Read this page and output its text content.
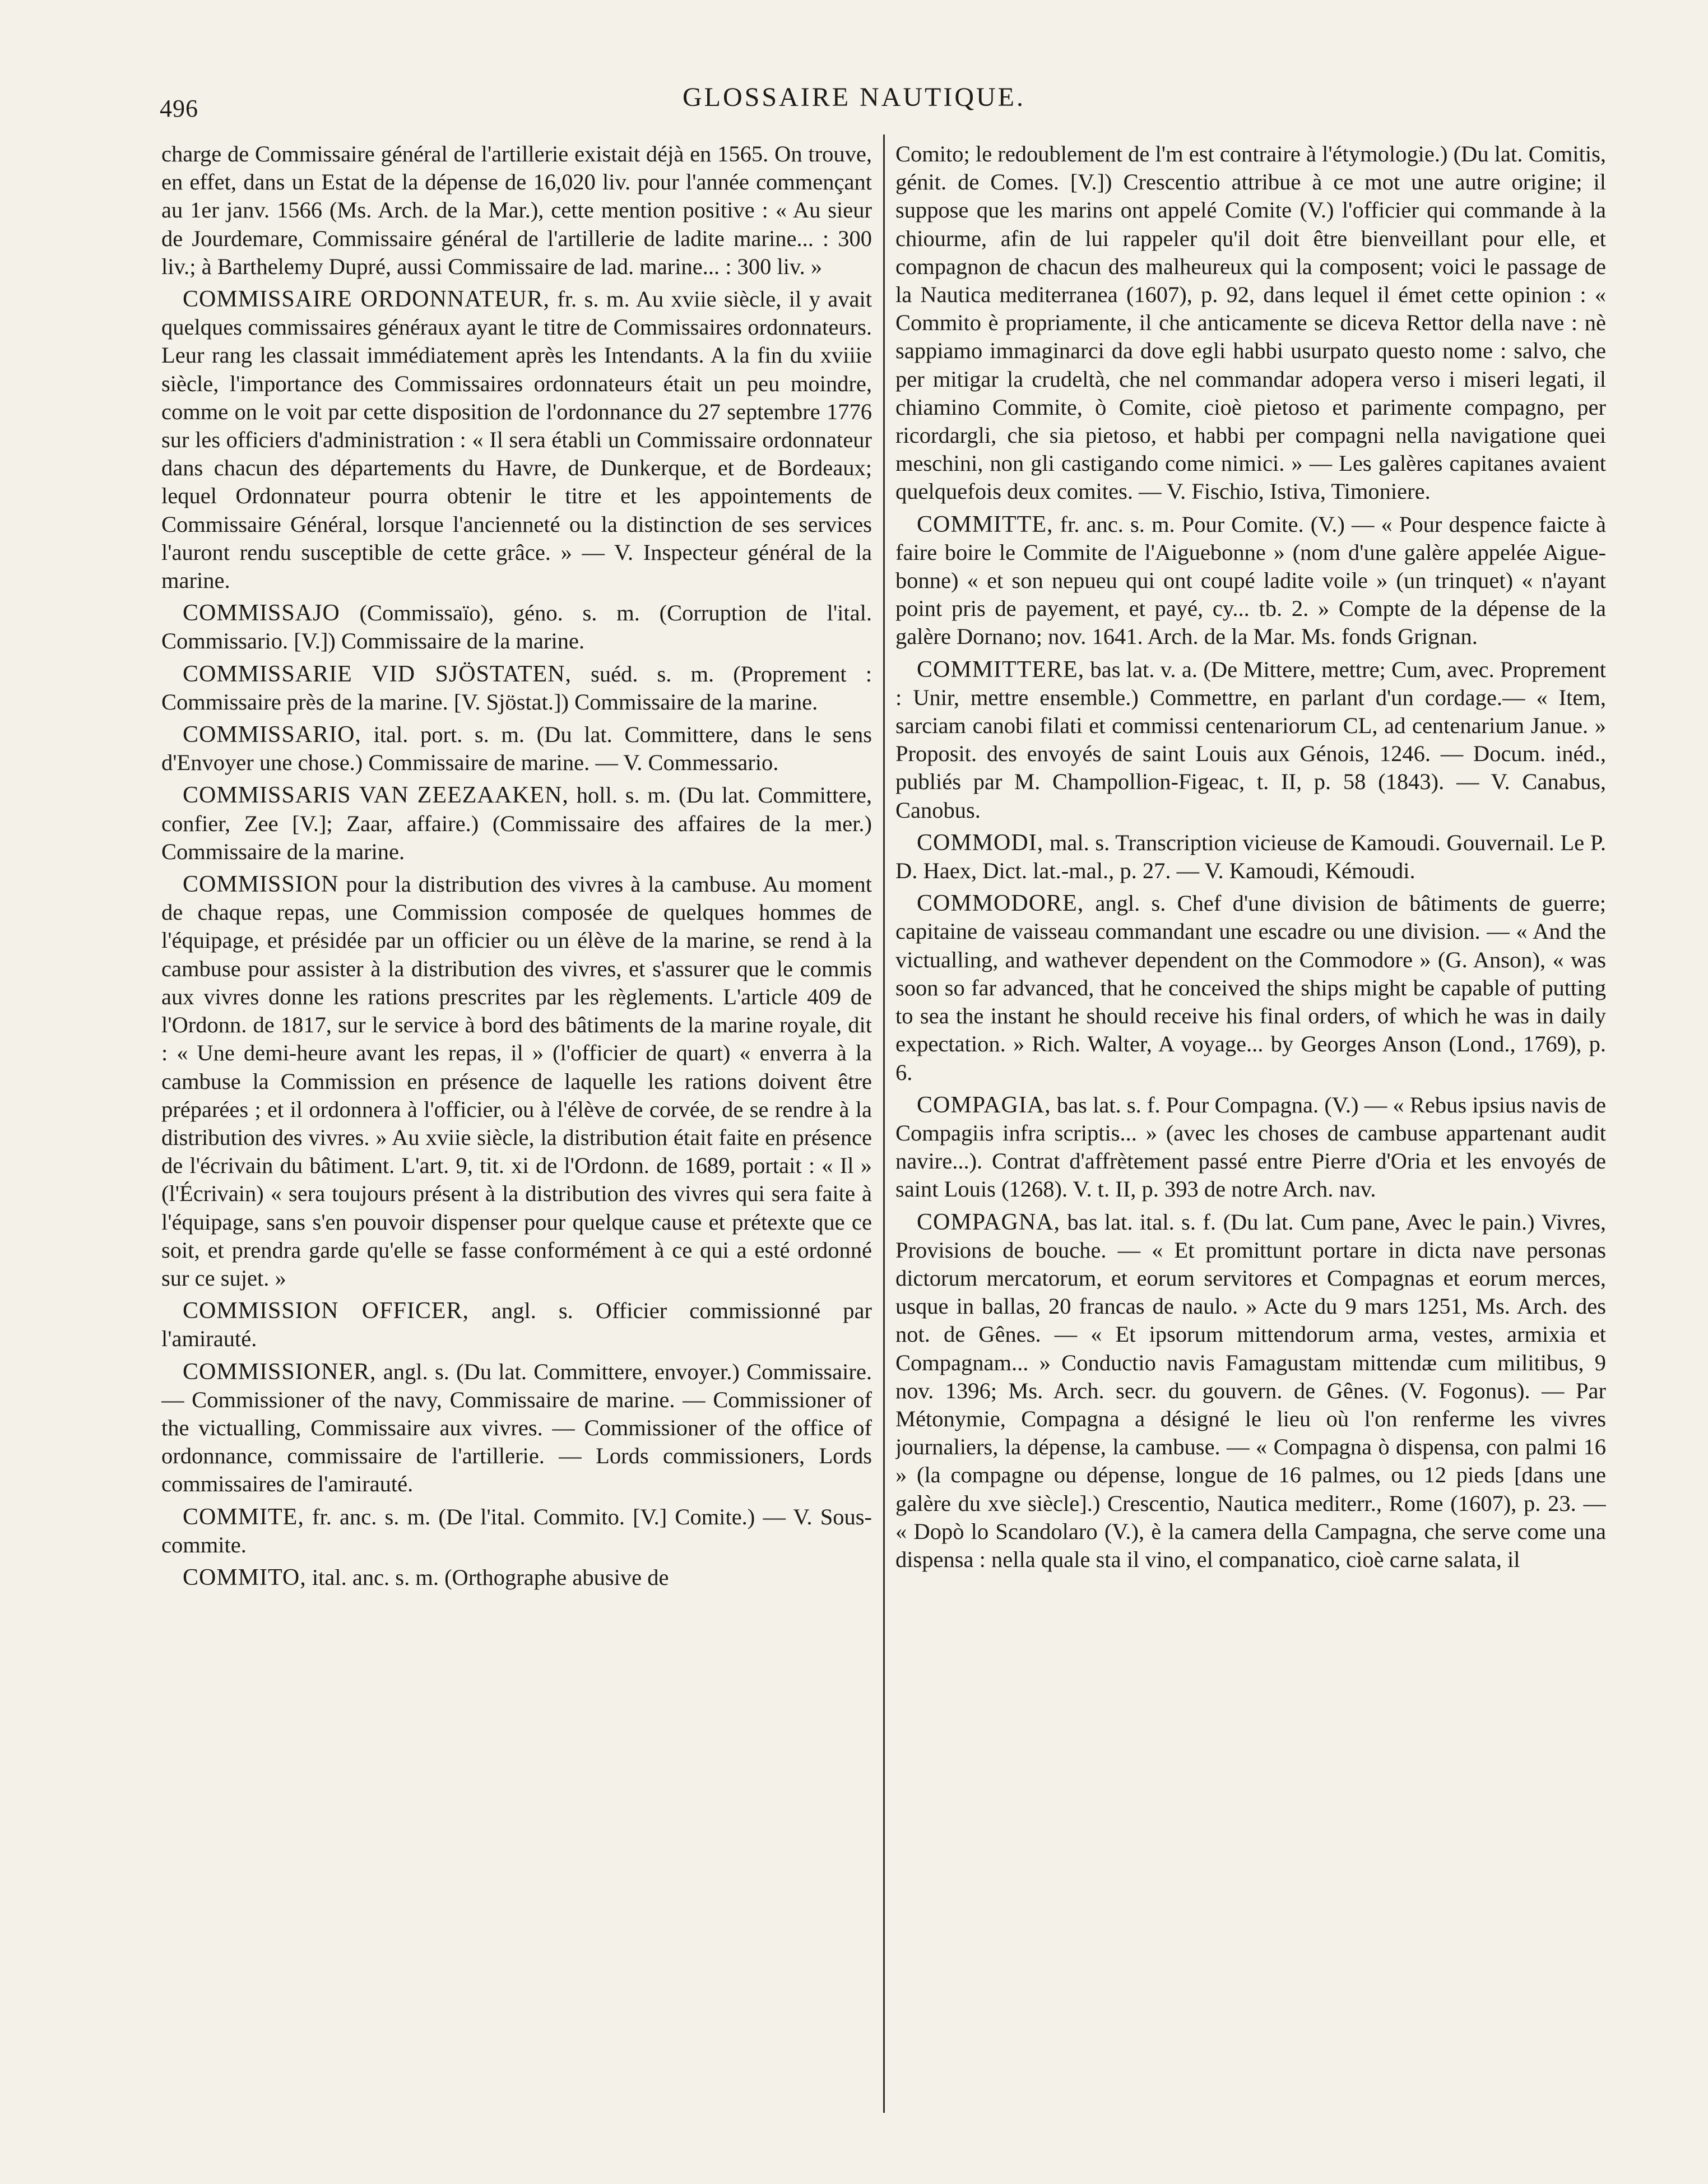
496	GLOSSAIRE NAUTIQUE.

charge de Commissaire général de l'artillerie existait déjà en 1565. On trouve, en effet, dans un Estat de la dépense de 16,020 liv. pour l'année commençant au 1er janv. 1566 (Ms. Arch. de la Mar.), cette mention positive : « Au sieur de Jourdemare, Commissaire général de l'artillerie de ladite marine... : 300 liv.; à Barthelemy Dupré, aussi Commissaire de lad. marine... : 300 liv. »

COMMISSAIRE ORDONNATEUR, fr. s. m. Au xviie siècle, il y avait quelques commissaires généraux ayant le titre de Commissaires ordonnateurs. Leur rang les classait immédiatement après les Intendants. A la fin du xviiie siècle, l'importance des Commissaires ordonnateurs était un peu moindre, comme on le voit par cette disposition de l'ordonnance du 27 septembre 1776 sur les officiers d'administration : « Il sera établi un Commissaire ordonnateur dans chacun des départements du Havre, de Dunkerque, et de Bordeaux; lequel Ordonnateur pourra obtenir le titre et les appointements de Commissaire Général, lorsque l'ancienneté ou la distinction de ses services l'auront rendu susceptible de cette grâce. » — V. Inspecteur général de la marine.

COMMISSAJO (Commissaïo), géno. s. m. (Corruption de l'ital. Commissario. [V.]) Commissaire de la marine.

COMMISSARIE VID SJÖSTATEN, suéd. s. m. (Proprement : Commissaire près de la marine. [V. Sjöstat.]) Commissaire de la marine.

COMMISSARIO, ital. port. s. m. (Du lat. Committere, dans le sens d'Envoyer une chose.) Commissaire de marine. — V. Commessario.

COMMISSARIS VAN ZEEZAAKEN, holl. s. m. (Du lat. Committere, confier, Zee [V.]; Zaar, affaire.) (Commissaire des affaires de la mer.) Commissaire de la marine.

COMMISSION pour la distribution des vivres à la cambuse. Au moment de chaque repas, une Commission composée de quelques hommes de l'équipage, et présidée par un officier ou un élève de la marine, se rend à la cambuse pour assister à la distribution des vivres, et s'assurer que le commis aux vivres donne les rations prescrites par les règlements. L'article 409 de l'Ordonn. de 1817, sur le service à bord des bâtiments de la marine royale, dit : « Une demi-heure avant les repas, il » (l'officier de quart) « enverra à la cambuse la Commission en présence de laquelle les rations doivent être préparées ; et il ordonnera à l'officier, ou à l'élève de corvée, de se rendre à la distribution des vivres. » Au xviie siècle, la distribution était faite en présence de l'écrivain du bâtiment. L'art. 9, tit. xi de l'Ordonn. de 1689, portait : « Il » (l'Écrivain) « sera toujours présent à la distribution des vivres qui sera faite à l'équipage, sans s'en pouvoir dispenser pour quelque cause et prétexte que ce soit, et prendra garde qu'elle se fasse conformément à ce qui a esté ordonné sur ce sujet. »

COMMISSION OFFICER, angl. s. Officier commissionné par l'amirauté.

COMMISSIONER, angl. s. (Du lat. Committere, envoyer.) Commissaire. — Commissioner of the navy, Commissaire de marine. — Commissioner of the victualling, Commissaire aux vivres. — Commissioner of the office of ordonnance, commissaire de l'artillerie. — Lords commissioners, Lords commissaires de l'amirauté.

COMMITE, fr. anc. s. m. (De l'ital. Commito. [V.] Comite.) — V. Sous-commite.

COMMITO, ital. anc. s. m. (Orthographe abusive de

Comito; le redoublement de l'm est contraire à l'étymologie.) (Du lat. Comitis, génit. de Comes. [V.]) Crescentio attribue à ce mot une autre origine; il suppose que les marins ont appelé Comite (V.) l'officier qui commande à la chiourme, afin de lui rappeler qu'il doit être bienveillant pour elle, et compagnon de chacun des malheureux qui la composent; voici le passage de la Nautica mediterranea (1607), p. 92, dans lequel il émet cette opinion : « Commito è propriamente, il che anticamente se diceva Rettor della nave : nè sappiamo immaginarci da dove egli habbi usurpato questo nome : salvo, che per mitigar la crudeltà, che nel commandar adopera verso i miseri legati, il chiamino Commite, ò Comite, cioè pietoso et parimente compagno, per ricordargli, che sia pietoso, et habbi per compagni nella navigatione quei meschini, non gli castigando come nimici. » — Les galères capitanes avaient quelquefois deux comites. — V. Fischio, Istiva, Timoniere.

COMMITTE, fr. anc. s. m. Pour Comite. (V.) — « Pour despence faicte à faire boire le Commite de l'Aiguebonne » (nom d'une galère appelée Aigue-bonne) « et son nepueu qui ont coupé ladite voile » (un trinquet) « n'ayant point pris de payement, et payé, cy... tb. 2. » Compte de la dépense de la galère Dornano; nov. 1641. Arch. de la Mar. Ms. fonds Grignan.

COMMITTERE, bas lat. v. a. (De Mittere, mettre; Cum, avec. Proprement : Unir, mettre ensemble.) Commettre, en parlant d'un cordage.— « Item, sarciam canobi filati et commissi centenariorum CL, ad centenarium Janue. » Proposit. des envoyés de saint Louis aux Génois, 1246. — Docum. inéd., publiés par M. Champollion-Figeac, t. II, p. 58 (1843). — V. Canabus, Canobus.

COMMODI, mal. s. Transcription vicieuse de Kamoudi. Gouvernail. Le P. D. Haex, Dict. lat.-mal., p. 27. — V. Kamoudi, Kémoudi.

COMMODORE, angl. s. Chef d'une division de bâtiments de guerre; capitaine de vaisseau commandant une escadre ou une division. — « And the victualling, and wathever dependent on the Commodore » (G. Anson), « was soon so far advanced, that he conceived the ships might be capable of putting to sea the instant he should receive his final orders, of which he was in daily expectation. » Rich. Walter, A voyage... by Georges Anson (Lond., 1769), p. 6.

COMPAGIA, bas lat. s. f. Pour Compagna. (V.) — « Rebus ipsius navis de Compagiis infra scriptis... » (avec les choses de cambuse appartenant audit navire...). Contrat d'affrètement passé entre Pierre d'Oria et les envoyés de saint Louis (1268). V. t. II, p. 393 de notre Arch. nav.

COMPAGNA, bas lat. ital. s. f. (Du lat. Cum pane, Avec le pain.) Vivres, Provisions de bouche. — « Et promittunt portare in dicta nave personas dictorum mercatorum, et eorum servitores et Compagnas et eorum merces, usque in ballas, 20 francas de naulo. » Acte du 9 mars 1251, Ms. Arch. des not. de Gênes. — « Et ipsorum mittendorum arma, vestes, armixia et Compagnam... » Conductio navis Famagustam mittendæ cum militibus, 9 nov. 1396; Ms. Arch. secr. du gouvern. de Gênes. (V. Fogonus). — Par Métonymie, Compagna a désigné le lieu où l'on renferme les vivres journaliers, la dépense, la cambuse. — « Compagna ò dispensa, con palmi 16 » (la compagne ou dépense, longue de 16 palmes, ou 12 pieds [dans une galère du xve siècle].) Crescentio, Nautica mediterr., Rome (1607), p. 23. — « Dopò lo Scandolaro (V.), è la camera della Campagna, che serve come una dispensa : nella quale sta il vino, el companatico, cioè carne salata, il
